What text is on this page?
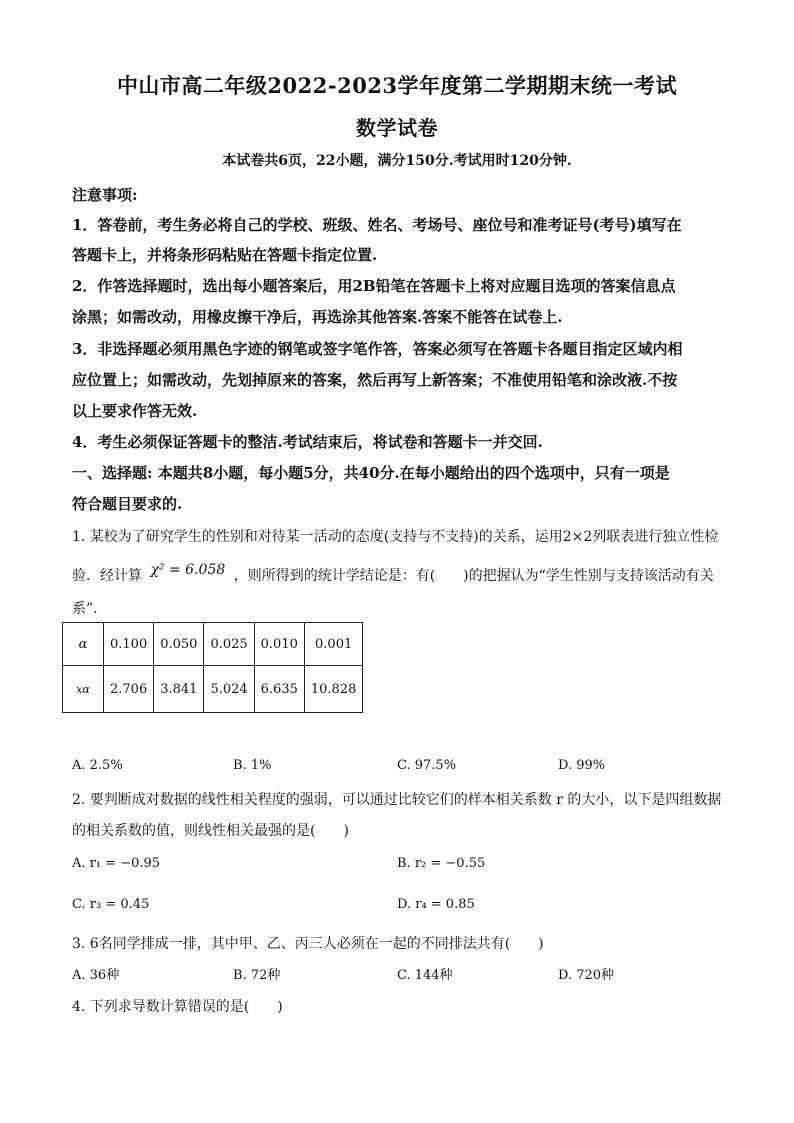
中山市高二年级2022-2023学年度第二学期期末统一考试
数学试卷
本试卷共6页，22小题，满分150分.考试用时120分钟.
注意事项:
1．答卷前，考生务必将自己的学校、班级、姓名、考场号、座位号和准考证号(考号)填写在
答题卡上，并将条形码粘贴在答题卡指定位置.
2．作答选择题时，选出每小题答案后，用2B铅笔在答题卡上将对应题目选项的答案信息点
涂黑；如需改动，用橡皮擦干净后，再选涂其他答案.答案不能答在试卷上.
3．非选择题必须用黑色字迹的钢笔或签字笔作答，答案必须写在答题卡各题目指定区域内相
应位置上；如需改动，先划掉原来的答案，然后再写上新答案；不准使用铅笔和涂改液.不按
以上要求作答无效.
4．考生必须保证答题卡的整洁.考试结束后，将试卷和答题卡一并交回.
一、选择题: 本题共8小题，每小题5分，共40分.在每小题给出的四个选项中，只有一项是
符合题目要求的.
1. 某校为了研究学生的性别和对待某一活动的态度(支持与不支持)的关系，运用2×2列联表进行独立性检
验．经计算 χ² = 6.058 ，则所得到的统计学结论是：有(　　)的把握认为“学生性别与支持该活动有关
系”.
α	0.100	0.050	0.025	0.010	0.001
xα	2.706	3.841	5.024	6.635	10.828
A. 2.5%	B. 1%	C. 97.5%	D. 99%
2. 要判断成对数据的线性相关程度的强弱，可以通过比较它们的样本相关系数 r 的大小，以下是四组数据
的相关系数的值，则线性相关最强的是(　　)
A. r₁ = −0.95	B. r₂ = −0.55
C. r₃ = 0.45	D. r₄ = 0.85
3. 6名同学排成一排，其中甲、乙、丙三人必须在一起的不同排法共有(　　)
A. 36种	B. 72种	C. 144种	D. 720种
4. 下列求导数计算错误的是(　　)
